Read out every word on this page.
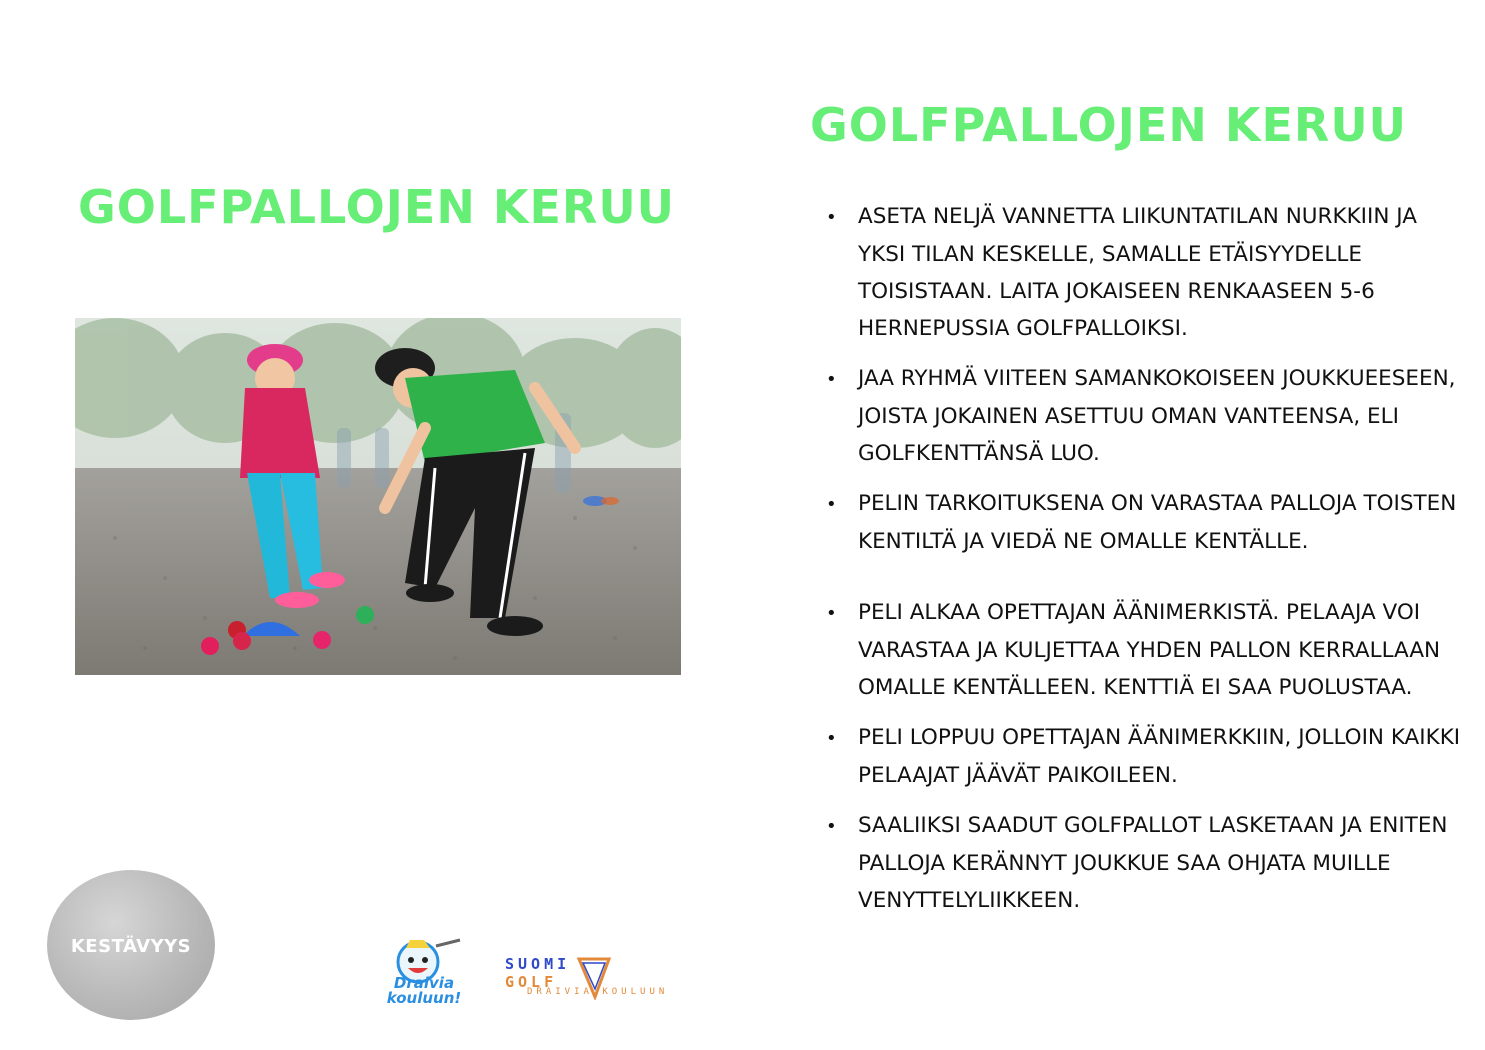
GOLFPALLOJEN KERUU
GOLFPALLOJEN KERUU
• ASETA NELJÄ VANNETTA LIIKUNTATILAN NURKKIIN JA YKSI TILAN KESKELLE, SAMALLE ETÄISYYDELLE TOISISTAAN. LAITA JOKAISEEN RENKAASEEN 5-6 HERNEPUSSIA GOLFPALLOIKSI.
• JAA RYHMÄ VIITEEN SAMANKOKOISEEN JOUKKUEESEEN, JOISTA JOKAINEN ASETTUU OMAN VANTEENSA, ELI GOLFKENTTÄNSÄ LUO.
• PELIN TARKOITUKSENA ON VARASTAA PALLOJA TOISTEN KENTILTÄ JA VIEDÄ NE OMALLE KENTÄLLE.
• PELI ALKAA OPETTAJAN ÄÄNIMERKISTÄ. PELAAJA VOI VARASTAA JA KULJETTAA YHDEN PALLON KERRALLAAN OMALLE KENTÄLLEEN. KENTTIÄ EI SAA PUOLUSTAA.
• PELI LOPPUU OPETTAJAN ÄÄNIMERKKIIN, JOLLOIN KAIKKI PELAAJAT JÄÄVÄT PAIKOILEEN.
• SAALIIKSI SAADUT GOLFPALLOT LASKETAAN JA ENITEN PALLOJA KERÄNNYT JOUKKUE SAA OHJATA MUILLE VENYTTELYLIIKKEEN.
KESTÄVYYS
Draivia kouluun!
SUOMI  GOLF
DRAIVIA KOULUUN
